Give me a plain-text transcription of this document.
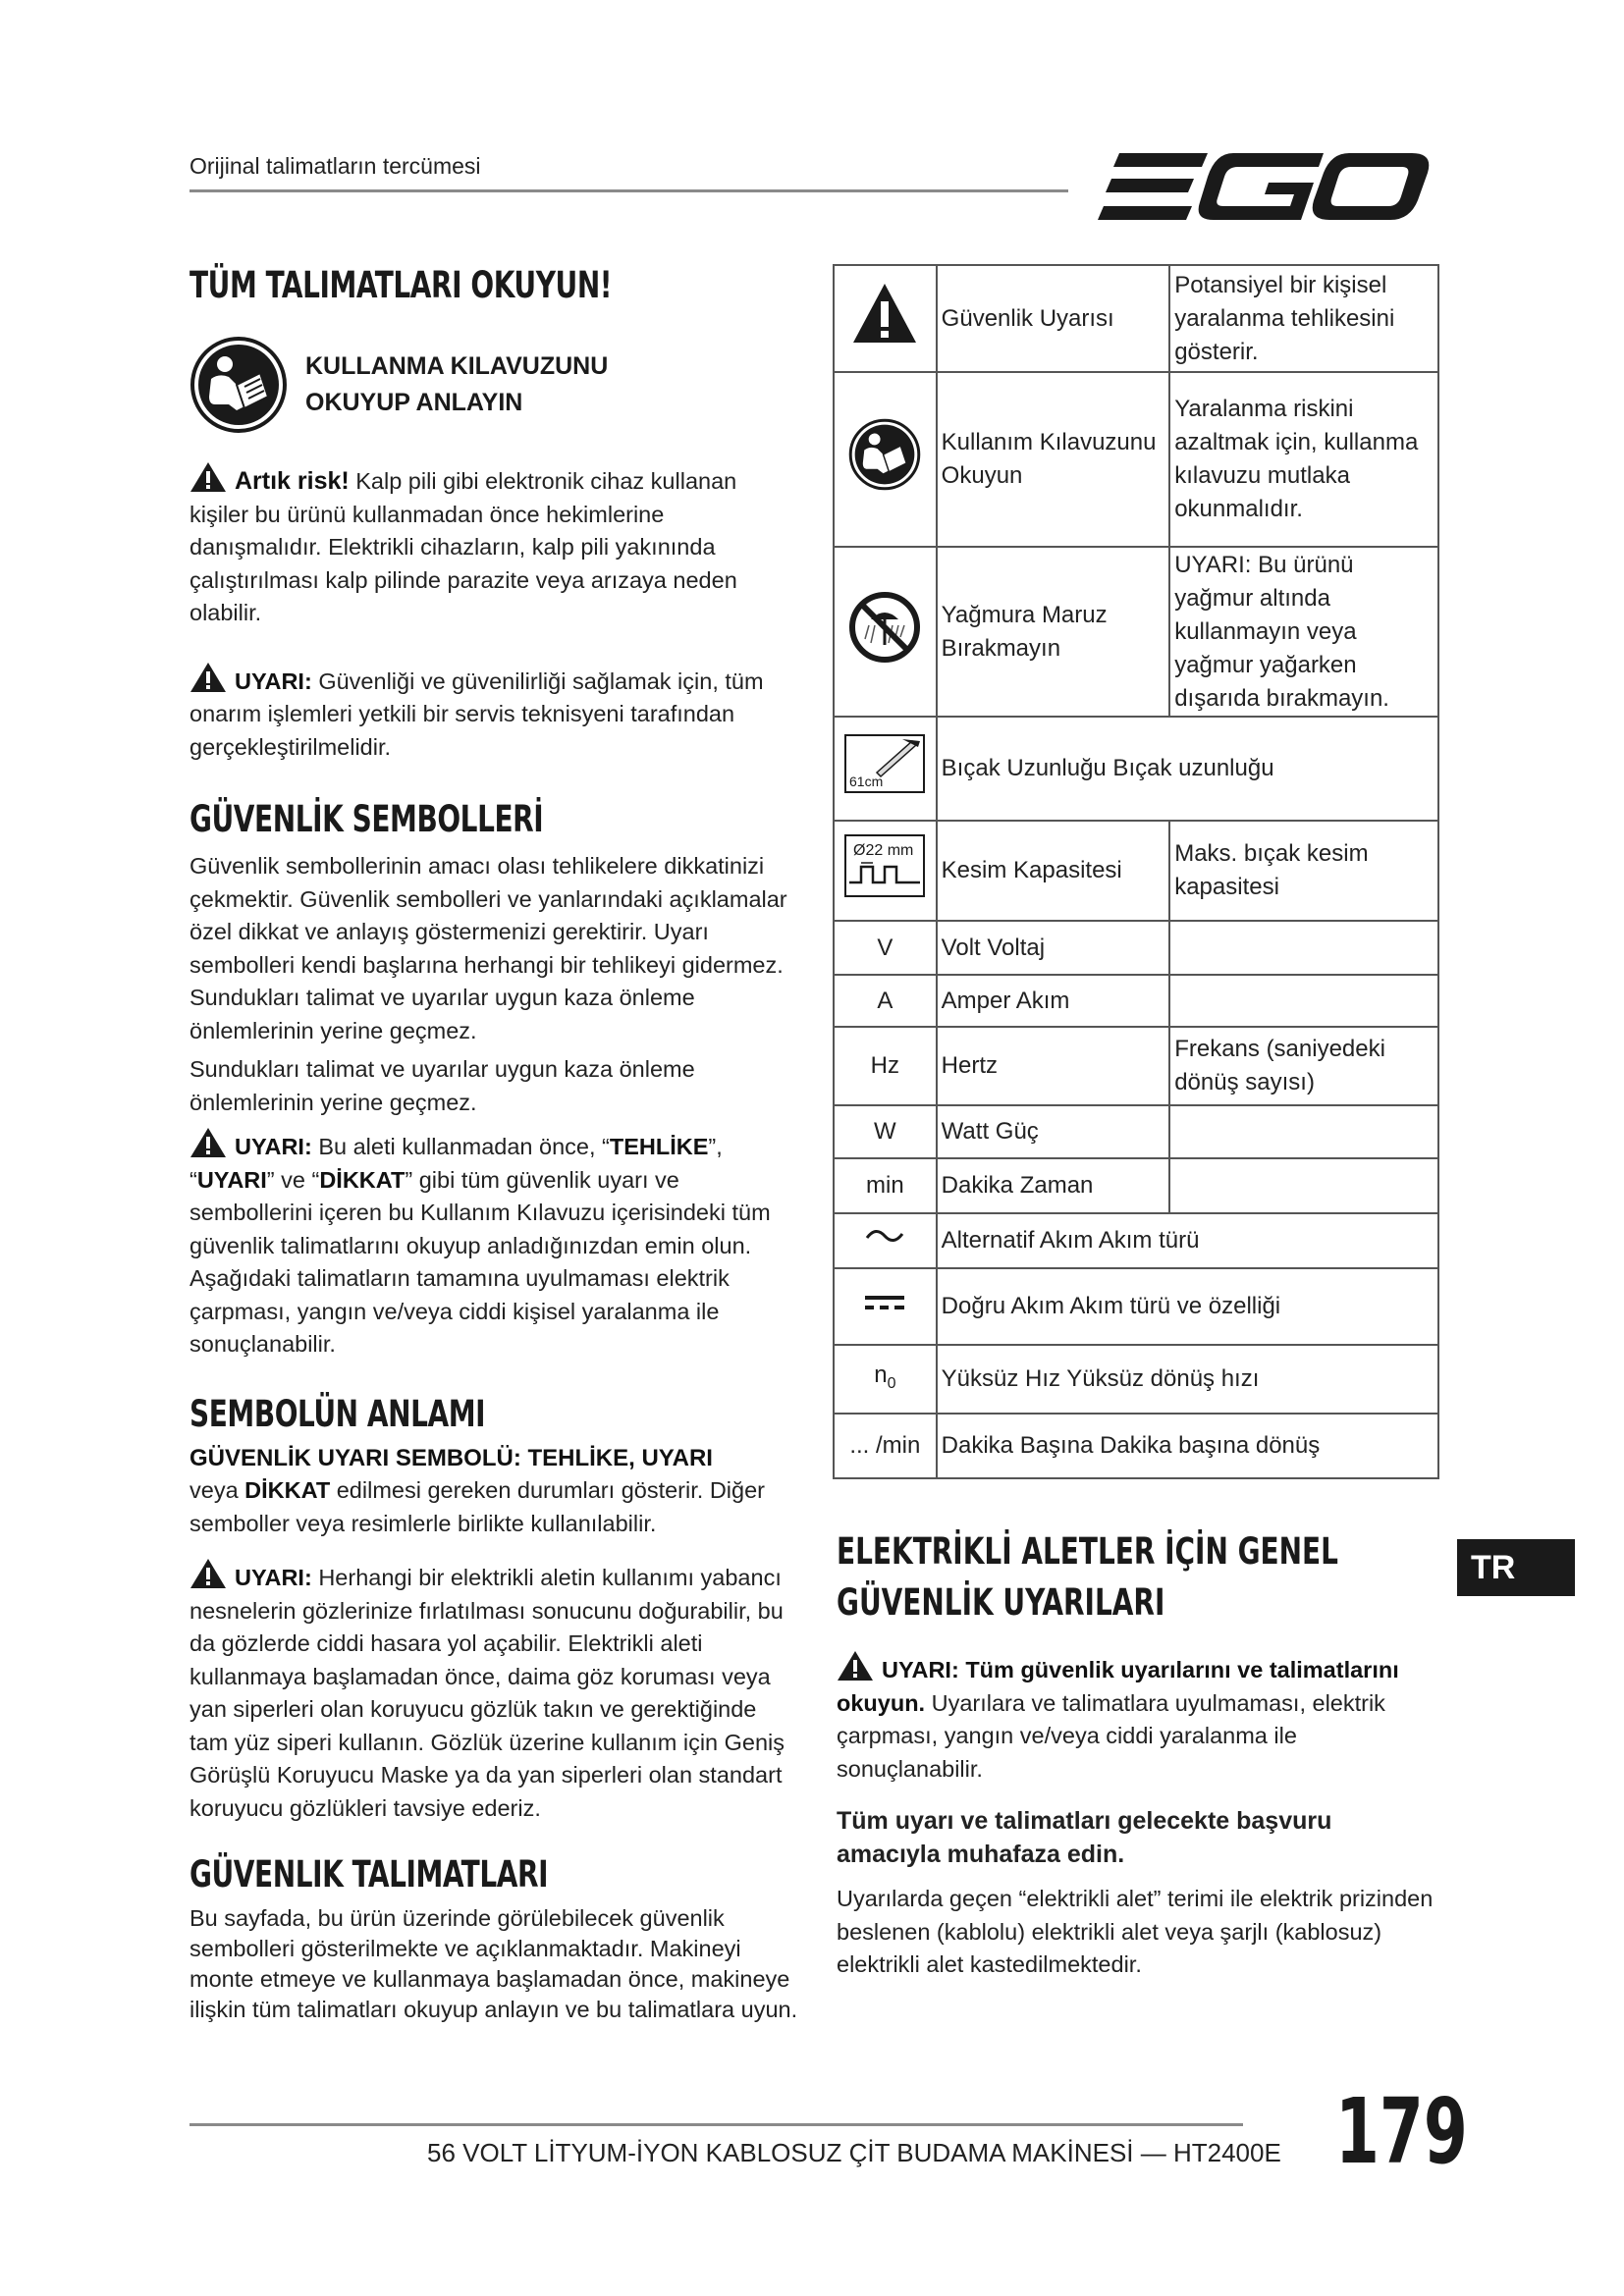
Orijinal talimatların tercümesi
TÜM TALIMATLARI OKUYUN!
KULLANMA KILAVUZUNU
OKUYUP ANLAYIN

Artık risk! Kalp pili gibi elektronik cihaz kullanan kişiler bu ürünü kullanmadan önce hekimlerine danışmalıdır. Elektrikli cihazların, kalp pili yakınında çalıştırılması kalp pilinde parazite veya arızaya neden olabilir.

UYARI: Güvenliği ve güvenilirliği sağlamak için, tüm onarım işlemleri yetkili bir servis teknisyeni tarafından gerçekleştirilmelidir.

GÜVENLİK SEMBOLLERİ

Güvenlik sembollerinin amacı olası tehlikelere dikkatinizi çekmektir. Güvenlik sembolleri ve yanlarındaki açıklamalar özel dikkat ve anlayış göstermenizi gerektirir. Uyarı sembolleri kendi başlarına herhangi bir tehlikeyi gidermez. Sundukları talimat ve uyarılar uygun kaza önleme önlemlerinin yerine geçmez.

Sundukları talimat ve uyarılar uygun kaza önleme önlemlerinin yerine geçmez.

UYARI: Bu aleti kullanmadan önce, “TEHLİKE”, “UYARI” ve “DİKKAT” gibi tüm güvenlik uyarı ve sembollerini içeren bu Kullanım Kılavuzu içerisindeki tüm güvenlik talimatlarını okuyup anladığınızdan emin olun. Aşağıdaki talimatların tamamına uyulmaması elektrik çarpması, yangın ve/veya ciddi kişisel yaralanma ile sonuçlanabilir.

SEMBOLÜN ANLAMI

GÜVENLİK UYARI SEMBOLÜ: TEHLİKE, UYARI
veya DİKKAT edilmesi gereken durumları gösterir. Diğer semboller veya resimlerle birlikte kullanılabilir.

UYARI: Herhangi bir elektrikli aletin kullanımı yabancı nesnelerin gözlerinize fırlatılması sonucunu doğurabilir, bu da gözlerde ciddi hasara yol açabilir. Elektrikli aleti kullanmaya başlamadan önce, daima göz koruması veya yan siperleri olan koruyucu gözlük takın ve gerektiğinde tam yüz siperi kullanın. Gözlük üzerine kullanım için Geniş Görüşlü Koruyucu Maske ya da yan siperleri olan standart koruyucu gözlükleri tavsiye ederiz.

GÜVENLIK TALIMATLARI

Bu sayfada, bu ürün üzerinde görülebilecek güvenlik sembolleri gösterilmekte ve açıklanmaktadır. Makineyi monte etmeye ve kullanmaya başlamadan önce, makineye ilişkin tüm talimatları okuyup anlayın ve bu talimatlara uyun.

	Güvenlik Uyarısı	Potansiyel bir kişisel yaralanma tehlikesini gösterir.
	Kullanım Kılavuzunu Okuyun	Yaralanma riskini azaltmak için, kullanma kılavuzu mutlaka okunmalıdır.
	Yağmura Maruz Bırakmayın	UYARI: Bu ürünü yağmur altında kullanmayın veya yağmur yağarken dışarıda bırakmayın.

61cm	Bıçak Uzunluğu Bıçak uzunluğu	

Ø22 mm	Kesim Kapasitesi	Maks. bıçak kesim kapasitesi
V	Volt Voltaj	
A	Amper Akım	
Hz	Hertz	Frekans (saniyedeki dönüş sayısı)
W	Watt Güç	
min	Dakika Zaman	
	Alternatif Akım Akım türü	
	Doğru Akım Akım türü ve özelliği	
$n_0$	Yüksüz Hız Yüksüz dönüş hızı	
... /min	Dakika Başına Dakika başına dönüş	
ELEKTRİKLİ ALETLER İÇİN GENEL GÜVENLİK UYARILARI

UYARI: Tüm güvenlik uyarılarını ve talimatlarını okuyun. Uyarılara ve talimatlara uyulmaması, elektrik çarpması, yangın ve/veya ciddi yaralanma ile sonuçlanabilir.

Tüm uyarı ve talimatları gelecekte başvuru amacıyla muhafaza edin.

Uyarılarda geçen “elektrikli alet” terimi ile elektrik prizinden beslenen (kablolu) elektrikli alet veya şarjlı (kablosuz) elektrikli alet kastedilmektedir.

TR
56 VOLT LİTYUM-İYON KABLOSUZ ÇİT BUDAMA MAKİNESİ — HT2400E 179
